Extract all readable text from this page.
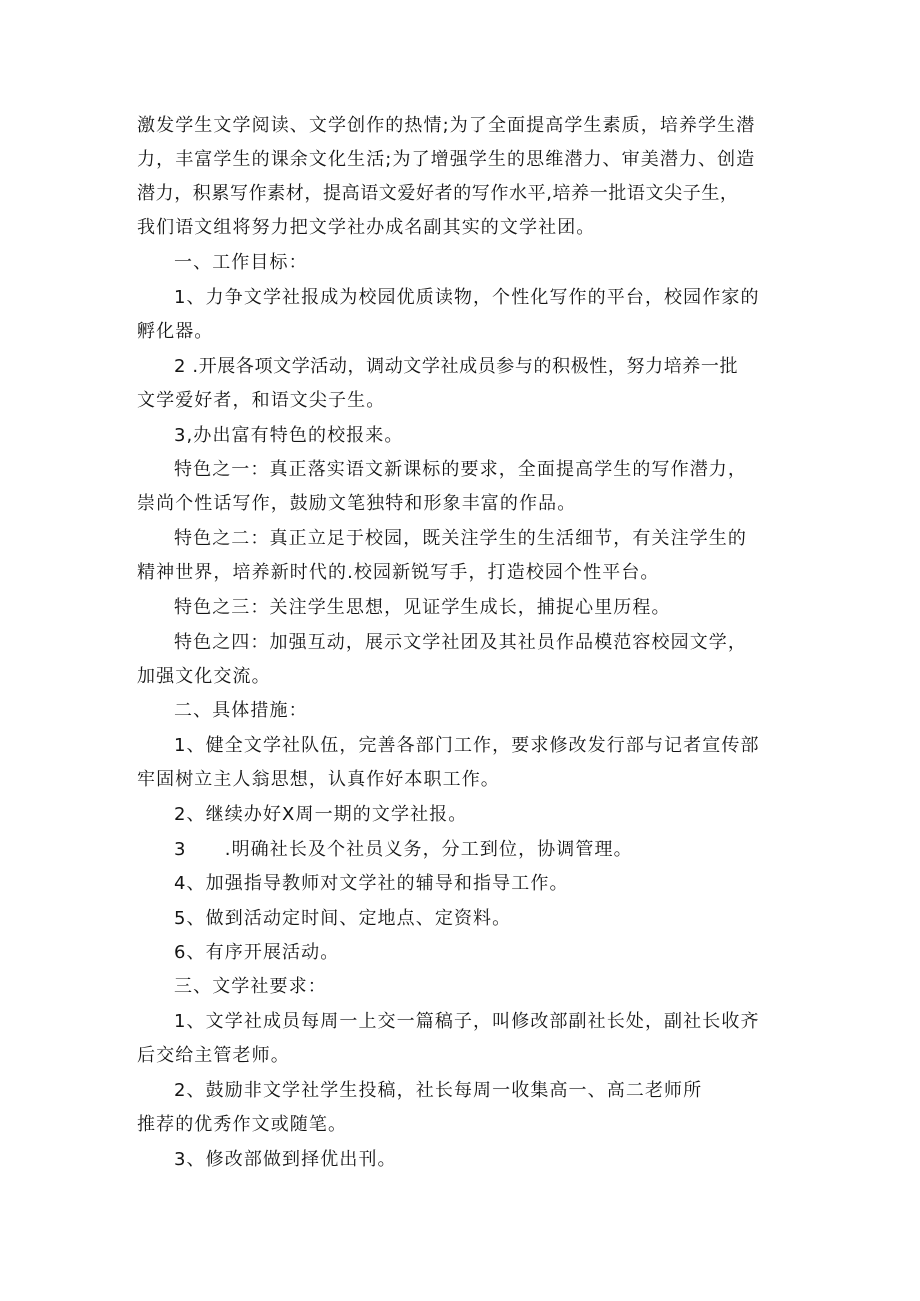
激发学生文学阅读、文学创作的热情;为了全面提高学生素质，培养学生潜

力，丰富学生的课余文化生活;为了增强学生的思维潜力、审美潜力、创造

潜力，积累写作素材，提高语文爱好者的写作水平,培养一批语文尖子生，

我们语文组将努力把文学社办成名副其实的文学社团。

一、工作目标：

1、力争文学社报成为校园优质读物，个性化写作的平台，校园作家的

孵化器。

2 .开展各项文学活动，调动文学社成员参与的积极性，努力培养一批

文学爱好者，和语文尖子生。

3,办出富有特色的校报来。

特色之一：真正落实语文新课标的要求，全面提高学生的写作潜力，

崇尚个性话写作，鼓励文笔独特和形象丰富的作品。

特色之二：真正立足于校园，既关注学生的生活细节，有关注学生的

精神世界，培养新时代的.校园新锐写手，打造校园个性平台。

特色之三：关注学生思想，见证学生成长，捕捉心里历程。

特色之四：加强互动，展示文学社团及其社员作品模范容校园文学，

加强文化交流。

二、具体措施：

1、健全文学社队伍，完善各部门工作，要求修改发行部与记者宣传部

牢固树立主人翁思想，认真作好本职工作。

2、继续办好X周一期的文学社报。

3　　.明确社长及个社员义务，分工到位，协调管理。

4、加强指导教师对文学社的辅导和指导工作。

5、做到活动定时间、定地点、定资料。

6、有序开展活动。

三、文学社要求：

1、文学社成员每周一上交一篇稿子，叫修改部副社长处，副社长收齐

后交给主管老师。

2、鼓励非文学社学生投稿，社长每周一收集高一、高二老师所

推荐的优秀作文或随笔。

3、修改部做到择优出刊。
